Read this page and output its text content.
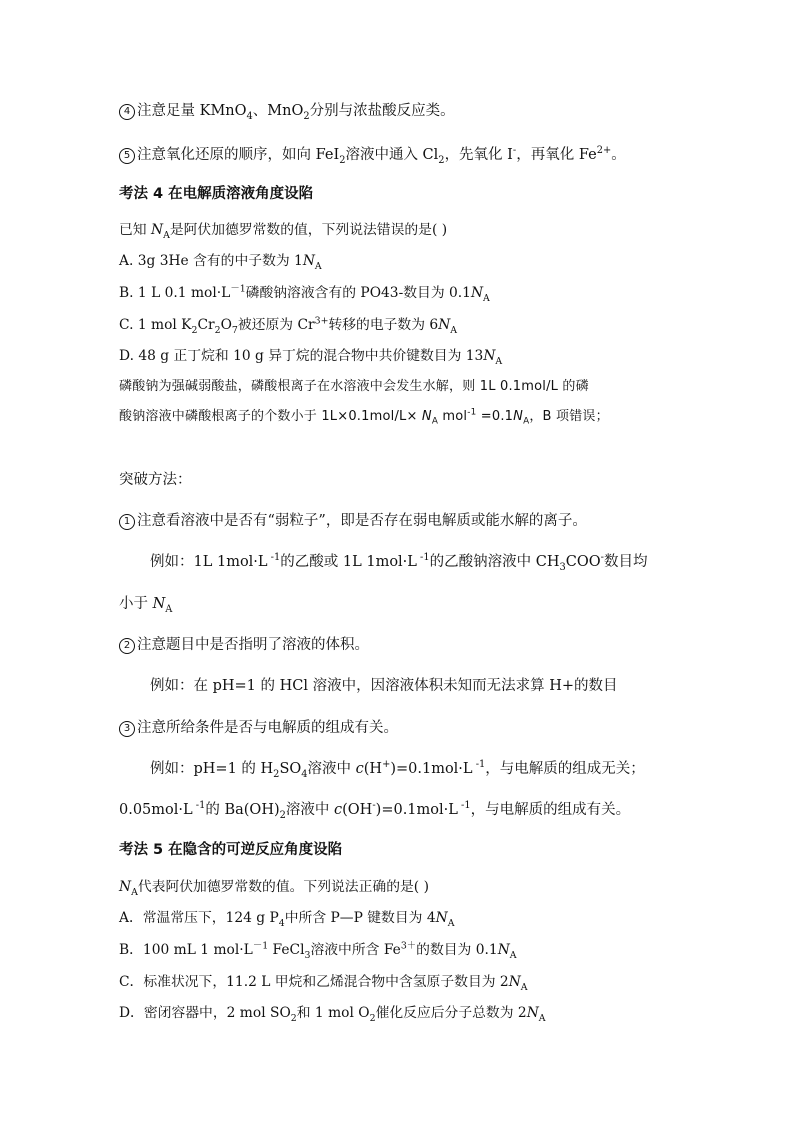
4 注意足量 KMnO$_4$、MnO$_2$分别与浓盐酸反应类。
5 注意氧化还原的顺序，如向 FeI$_2$溶液中通入 $Cl_2$，先氧化 I-，再氧化 $Fe^{2+}$。
考法 4 在电解质溶液角度设陷
已知 $N_A$是阿伏加德罗常数的值，下列说法错误的是( )
A. 3g 3He 含有的中子数为 $1N_A$
B. 1 L 0.1 $mol\cdot L^{-1}$磷酸钠溶液含有的 PO43-数目为 $0.1N_A$
C. 1 mol $K_2Cr_2O_7$被还原为 $Cr^{3+}$转移的电子数为 $6N_A$
D. 48 g 正丁烷和 10 g 异丁烷的混合物中共价键数目为 $13N_A$
磷酸钠为强碱弱酸盐，磷酸根离子在水溶液中会发生水解，则 1L 0.1mol/L 的磷
酸钠溶液中磷酸根离子的个数小于 $1L\times 0.1mol/L\times N_A$ $mol^{-1} =0.1N_A$，B 项错误；
突破方法：
1 注意看溶液中是否有“弱粒子”，即是否存在弱电解质或能水解的离子。
例如：1L 1mol·L $^{-1}$的乙酸或 1L 1mol·L $^{-1}$的乙酸钠溶液中 $CH_3COO^-$数目均
小于 $N_A$
2 注意题目中是否指明了溶液的体积。
例如：在 pH=1 的 HCl 溶液中，因溶液体积未知而无法求算 H+的数目
3 注意所给条件是否与电解质的组成有关。
例如：pH=1 的 $H_2SO_4$溶液中 c(H+)=0.1mol·L $^{-1}$，与电解质的组成无关；
0.05mol·L $^{-1}$的 $Ba(OH)_2$溶液中 c(OH-)=0.1mol·L $^{-1}$，与电解质的组成有关。
考法 5 在隐含的可逆反应角度设陷
$N_A$代表阿伏加德罗常数的值。下列说法正确的是( )
A．常温常压下，124 g $P_4$中所含 P—P 键数目为 $4N_A$
B．100 mL 1 $mol\cdot L^{-1}$ FeCl$_3$溶液中所含 $Fe^{3+}$的数目为 $0.1N_A$
C．标准状况下，11.2 L 甲烷和乙烯混合物中含氢原子数目为 $2N_A$
D．密闭容器中，2 mol $SO_2$和 1 mol $O_2$催化反应后分子总数为 $2N_A$
